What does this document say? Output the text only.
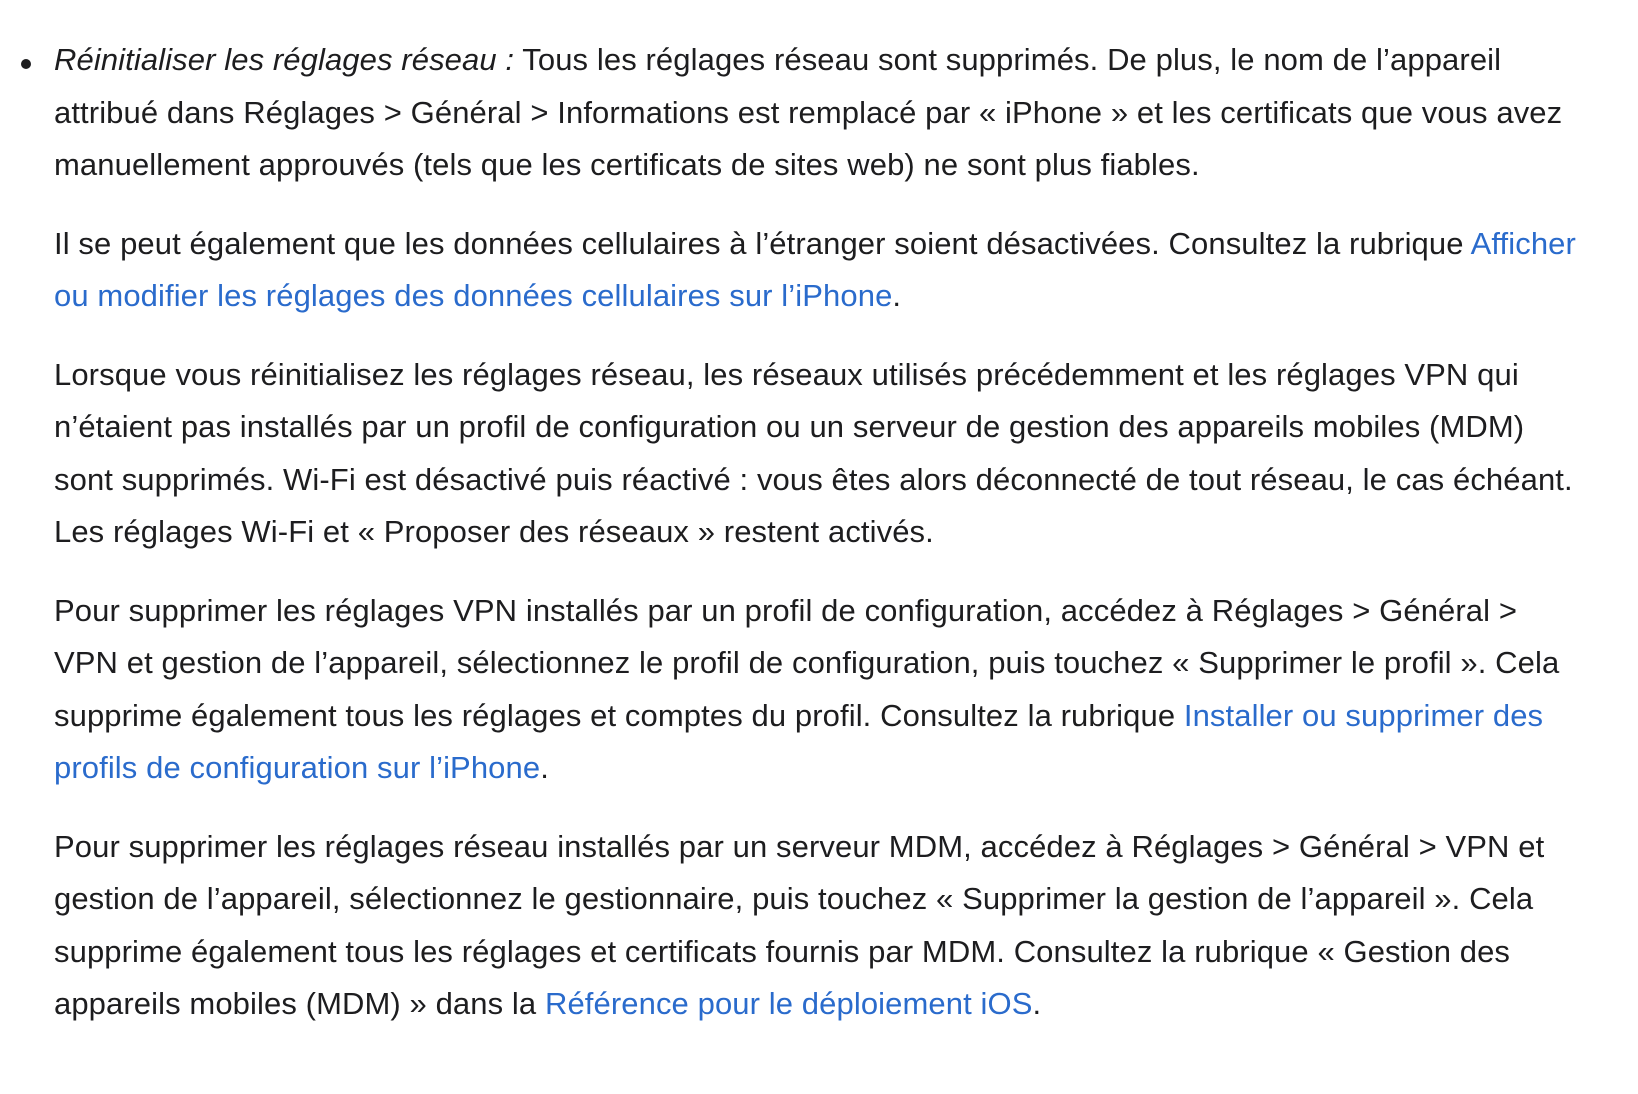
Réinitialiser les réglages réseau : Tous les réglages réseau sont supprimés. De plus, le nom de l’appareil attribué dans Réglages > Général > Informations est remplacé par « iPhone » et les certificats que vous avez manuellement approuvés (tels que les certificats de sites web) ne sont plus fiables.

Il se peut également que les données cellulaires à l’étranger soient désactivées. Consultez la rubrique Afficher ou modifier les réglages des données cellulaires sur l’iPhone.

Lorsque vous réinitialisez les réglages réseau, les réseaux utilisés précédemment et les réglages VPN qui n’étaient pas installés par un profil de configuration ou un serveur de gestion des appareils mobiles (MDM) sont supprimés. Wi-Fi est désactivé puis réactivé : vous êtes alors déconnecté de tout réseau, le cas échéant. Les réglages Wi-Fi et « Proposer des réseaux » restent activés.

Pour supprimer les réglages VPN installés par un profil de configuration, accédez à Réglages > Général > VPN et gestion de l’appareil, sélectionnez le profil de configuration, puis touchez « Supprimer le profil ». Cela supprime également tous les réglages et comptes du profil. Consultez la rubrique Installer ou supprimer des profils de configuration sur l’iPhone.

Pour supprimer les réglages réseau installés par un serveur MDM, accédez à Réglages > Général > VPN et gestion de l’appareil, sélectionnez le gestionnaire, puis touchez « Supprimer la gestion de l’appareil ». Cela supprime également tous les réglages et certificats fournis par MDM. Consultez la rubrique « Gestion des appareils mobiles (MDM) » dans la Référence pour le déploiement iOS.
